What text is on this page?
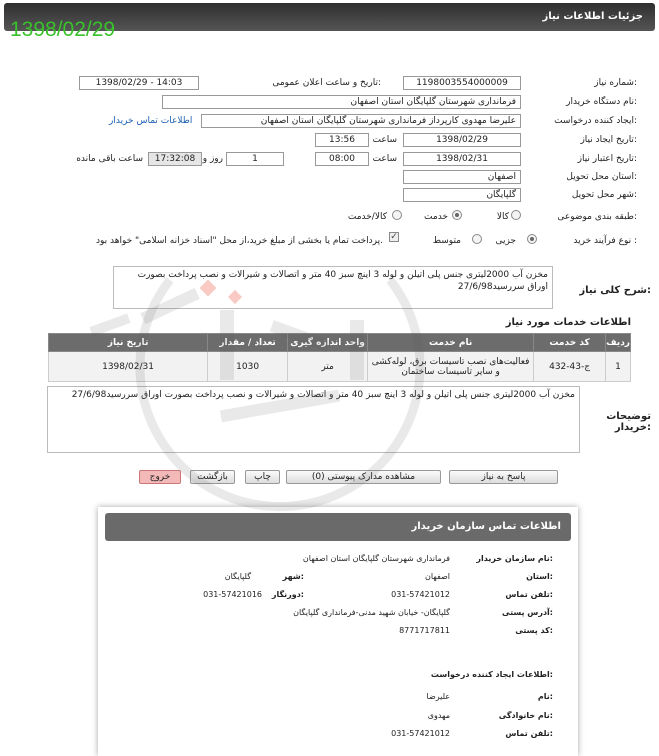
جزئیات اطلاعات نیاز
1398/02/29
شماره نیاز:
1198003554000009
تاریخ و ساعت اعلان عمومی:
1398/02/29 - 14:03
نام دستگاه خریدار:
فرمانداری شهرستان گلپایگان استان اصفهان
ایجاد کننده درخواست:
علیرضا مهدوی کارپرداز فرمانداری شهرستان گلپایگان استان اصفهان
اطلاعات تماس خریدار
تاریخ ایجاد نیاز:
1398/02/29
ساعت
13:56
تاریخ اعتبار نیاز:
1398/02/31
ساعت
08:00
1
روز و
17:32:08
ساعت باقی مانده
استان محل تحویل:
اصفهان
شهر محل تحویل:
گلپایگان
طبقه بندی موضوعی:
کالا
خدمت
کالا/خدمت
نوع فرآیند خرید :
جزیی
متوسط
✓
پرداخت تمام یا بخشی از مبلغ خرید،از محل "اسناد خزانه اسلامی" خواهد بود.
شرح کلی نیاز:
مخزن آب 2000لیتری جنس پلی اتیلن و لوله 3 اینچ سبز 40 متر و اتصالات و شیرالات و نصب پرداخت بصورت اوراق سررسید27/6/98
اطلاعات خدمات مورد نیاز
ردیف	کد خدمت	نام خدمت	واحد اندازه گیری	تعداد / مقدار	تاریخ نیاز
1	ج-43-432	فعالیت‌های نصب تاسیسات برق، لوله‌کشی و سایر تاسیسات ساختمان	متر	1030	1398/02/31
توضیحات خریدار:
مخزن آب 2000لیتری جنس پلی اتیلن و لوله 3 اینچ سبز 40 متر و اتصالات و شیرالات و نصب پرداخت بصورت اوراق سررسید27/6/98
پاسخ به نیاز
مشاهده مدارک پیوستی (0)
چاپ
بازگشت
خروج
اطلاعات تماس سازمان خریدار
نام سازمان خریدار:
فرمانداری شهرستان گلپایگان استان اصفهان
استان:
اصفهان
شهر:
گلپایگان
تلفن تماس:
031-57421012
دورنگار:
031-57421016
آدرس پستی:
گلپایگان- خیابان شهید مدنی-فرمانداری گلپایگان
کد پستی:
8771717811
اطلاعات ایجاد کننده درخواست:
نام:
علیرضا
نام خانوادگی:
مهدوی
تلفن تماس:
031-57421012
